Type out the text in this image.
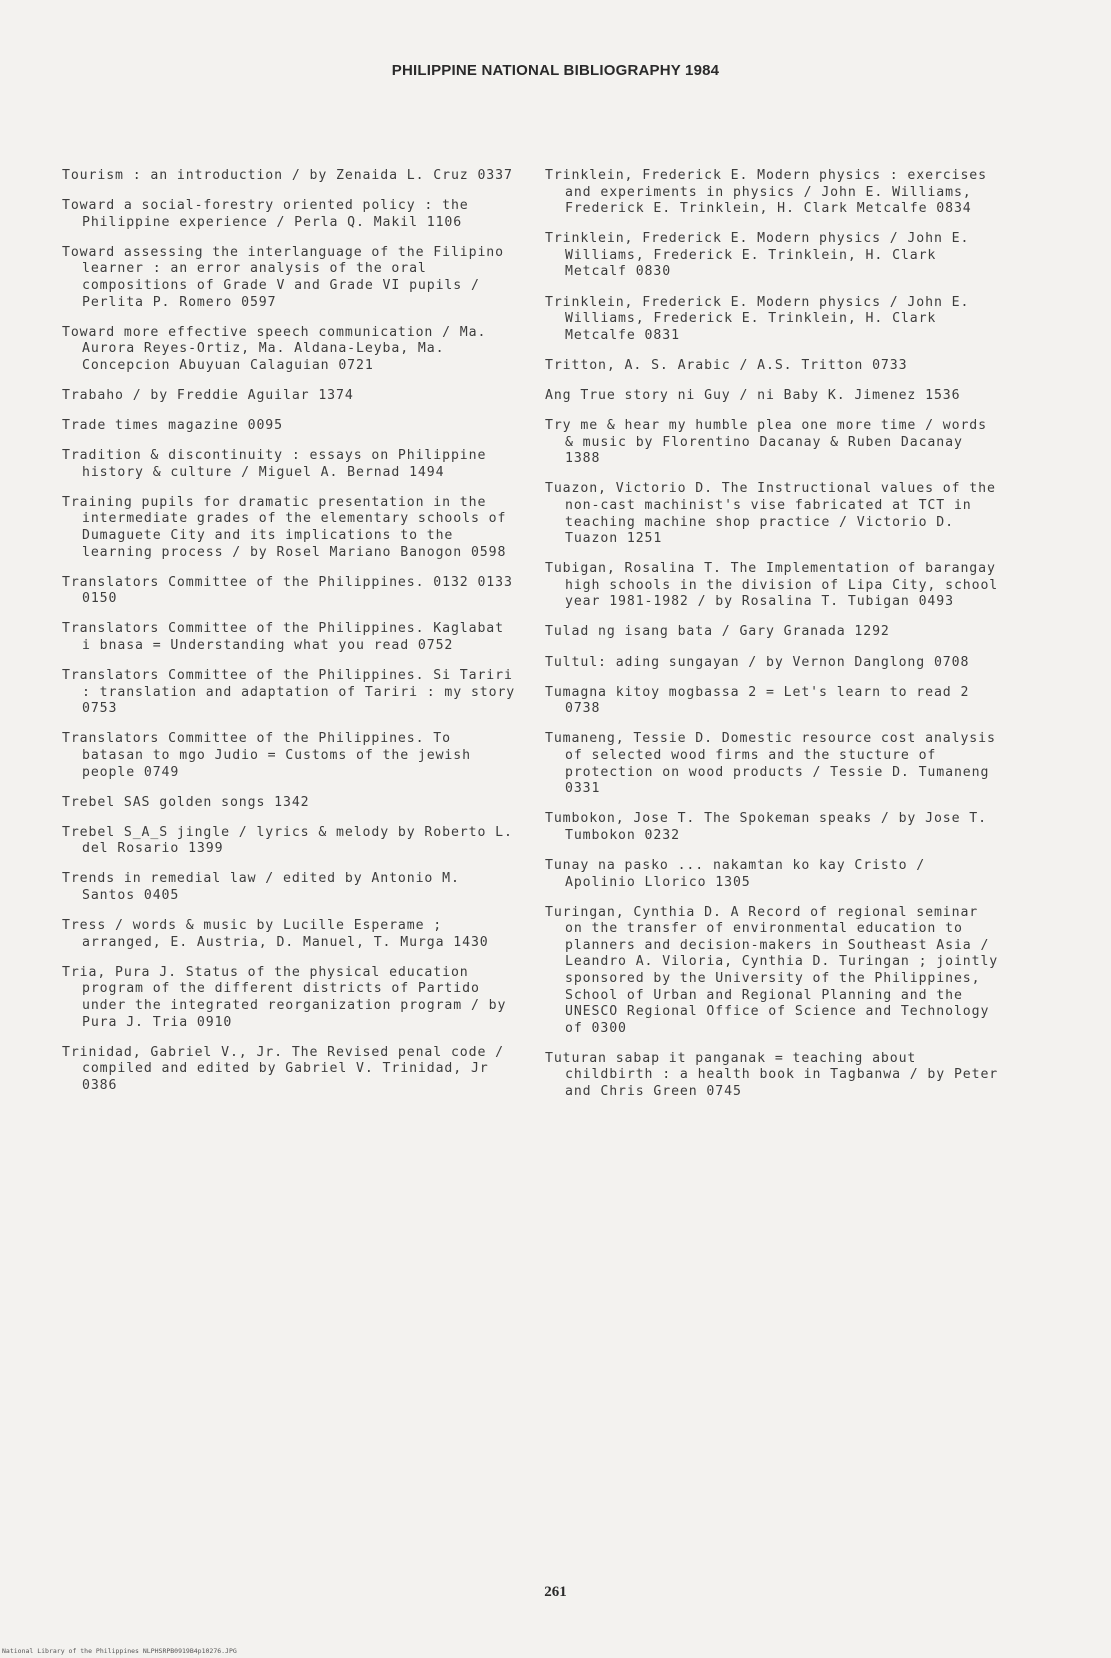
PHILIPPINE NATIONAL BIBLIOGRAPHY 1984

Tourism : an introduction / by Zenaida L. Cruz 0337

Toward a social-forestry oriented policy : the Philippine experience / Perla Q. Makil 1106

Toward assessing the interlanguage of the Filipino learner : an error analysis of the oral compositions of Grade V and Grade VI pupils / Perlita P. Romero 0597

Toward more effective speech communication / Ma. Aurora Reyes-Ortiz, Ma. Aldana-Leyba, Ma. Concepcion Abuyuan Calaguian 0721

Trabaho / by Freddie Aguilar 1374

Trade times magazine 0095

Tradition & discontinuity : essays on Philippine history & culture / Miguel A. Bernad 1494

Training pupils for dramatic presentation in the intermediate grades of the elementary schools of Dumaguete City and its implications to the learning process / by Rosel Mariano Banogon 0598

Translators Committee of the Philippines. 0132 0133 0150

Translators Committee of the Philippines. Kaglabat i bnasa = Understanding what you read 0752

Translators Committee of the Philippines. Si Tariri : translation and adaptation of Tariri : my story 0753

Translators Committee of the Philippines. To batasan to mgo Judio = Customs of the jewish people 0749

Trebel SAS golden songs 1342

Trebel S_A_S jingle / lyrics & melody by Roberto L. del Rosario 1399

Trends in remedial law / edited by Antonio M. Santos 0405

Tress / words & music by Lucille Esperame ; arranged, E. Austria, D. Manuel, T. Murga 1430

Tria, Pura J. Status of the physical education program of the different districts of Partido under the integrated reorganization program / by Pura J. Tria 0910

Trinidad, Gabriel V., Jr. The Revised penal code / compiled and edited by Gabriel V. Trinidad, Jr 0386

Trinklein, Frederick E. Modern physics : exercises and experiments in physics / John E. Williams, Frederick E. Trinklein, H. Clark Metcalfe 0834

Trinklein, Frederick E. Modern physics / John E. Williams, Frederick E. Trinklein, H. Clark Metcalf 0830

Trinklein, Frederick E. Modern physics / John E. Williams, Frederick E. Trinklein, H. Clark Metcalfe 0831

Tritton, A. S. Arabic / A.S. Tritton 0733

Ang True story ni Guy / ni Baby K. Jimenez 1536

Try me & hear my humble plea one more time / words & music by Florentino Dacanay & Ruben Dacanay 1388

Tuazon, Victorio D. The Instructional values of the non-cast machinist's vise fabricated at TCT in teaching machine shop practice / Victorio D. Tuazon 1251

Tubigan, Rosalina T. The Implementation of barangay high schools in the division of Lipa City, school year 1981-1982 / by Rosalina T. Tubigan 0493

Tulad ng isang bata / Gary Granada 1292

Tultul: ading sungayan / by Vernon Danglong 0708

Tumagna kitoy mogbassa 2 = Let's learn to read 2 0738

Tumaneng, Tessie D. Domestic resource cost analysis of selected wood firms and the stucture of protection on wood products / Tessie D. Tumaneng 0331

Tumbokon, Jose T. The Spokeman speaks / by Jose T. Tumbokon 0232

Tunay na pasko ... nakamtan ko kay Cristo / Apolinio Llorico 1305

Turingan, Cynthia D. A Record of regional seminar on the transfer of environmental education to planners and decision-makers in Southeast Asia / Leandro A. Viloria, Cynthia D. Turingan ; jointly sponsored by the University of the Philippines, School of Urban and Regional Planning and the UNESCO Regional Office of Science and Technology of 0300

Tuturan sabap it panganak = teaching about childbirth : a health book in Tagbanwa / by Peter and Chris Green 0745

261
National Library of the Philippines NLPHSRPB0919B4p10276.JPG
